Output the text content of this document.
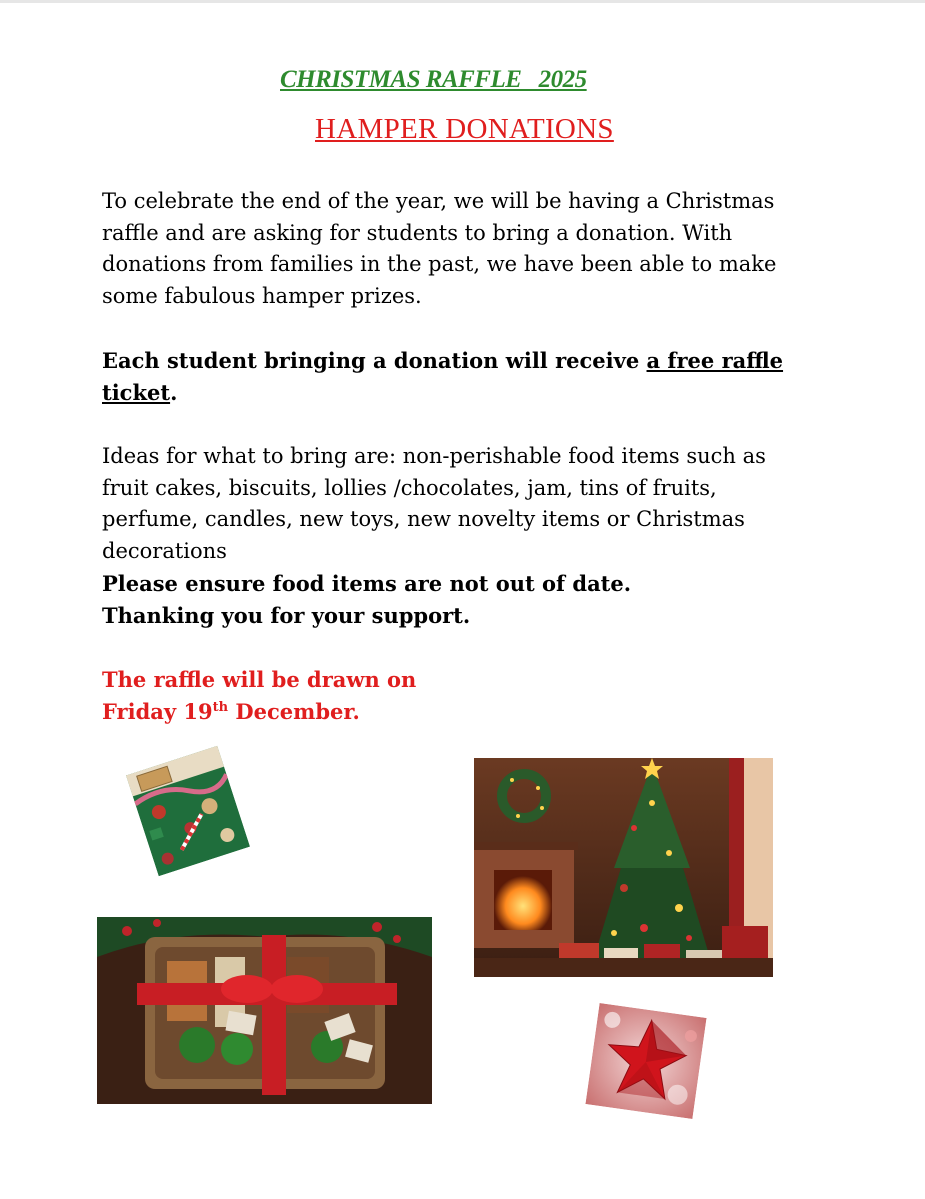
CHRISTMAS RAFFLE   2025
HAMPER DONATIONS
To celebrate the end of the year, we will be having a Christmas raffle and are asking for students to bring a donation. With donations from families in the past, we have been able to make some fabulous hamper prizes.
Each student bringing a donation will receive a free raffle ticket.
Ideas for what to bring are: non-perishable food items such as fruit cakes, biscuits, lollies /chocolates, jam, tins of fruits, perfume, candles, new toys, new novelty items or Christmas decorations
Please ensure food items are not out of date.
Thanking you for your support.
The raffle will be drawn on
Friday 19th December.
